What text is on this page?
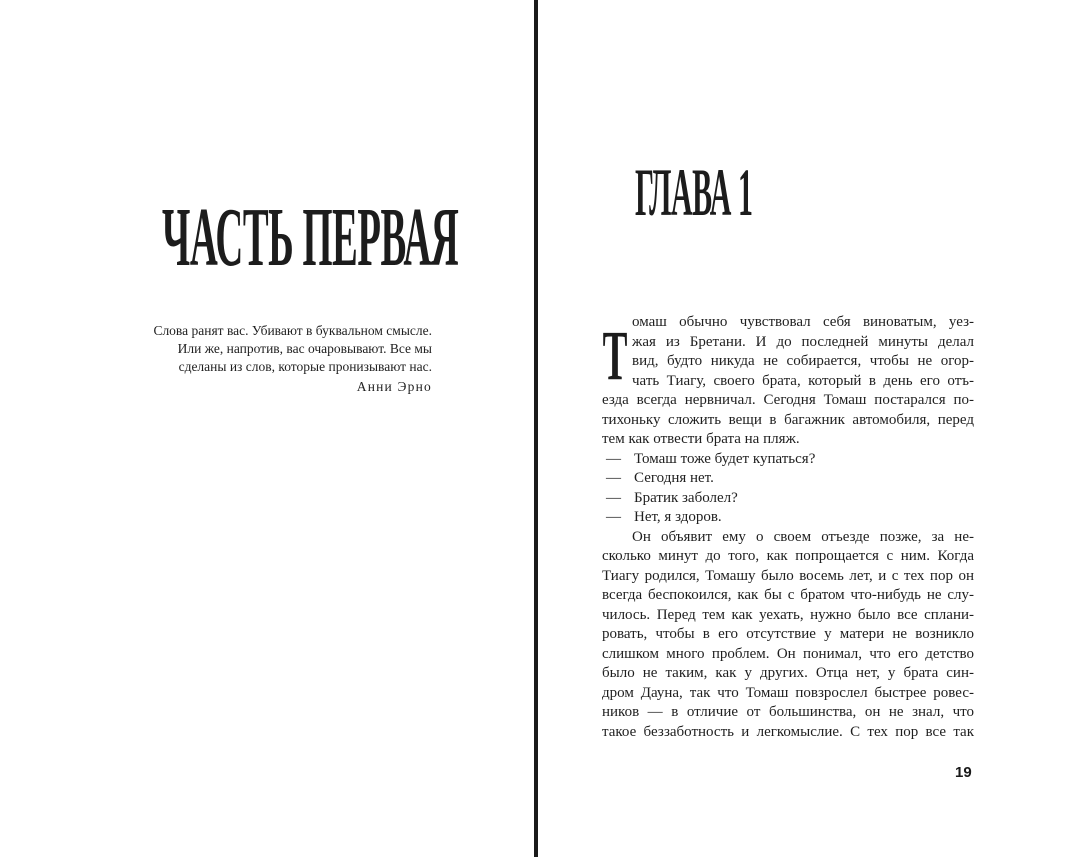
ЧАСТЬ ПЕРВАЯ
Слова ранят вас. Убивают в буквальном смысле.
Или же, напротив, вас очаровывают. Все мы
сделаны из слов, которые пронизывают нас.
Анни Эрно
ГЛАВА 1
Т омаш обычно чувствовал себя виноватым, уез-
жая из Бретани. И до последней минуты делал
вид, будто никуда не собирается, чтобы не огор-
чать Тиагу, своего брата, который в день его отъ-
езда всегда нервничал. Сегодня Томаш постарался по-
тихоньку сложить вещи в багажник автомобиля, перед
тем как отвести брата на пляж.
— Томаш тоже будет купаться?
— Сегодня нет.
— Братик заболел?
— Нет, я здоров.
Он объявит ему о своем отъезде позже, за не-
сколько минут до того, как попрощается с ним. Когда
Тиагу родился, Томашу было восемь лет, и с тех пор он
всегда беспокоился, как бы с братом что-нибудь не слу-
чилось. Перед тем как уехать, нужно было все сплани-
ровать, чтобы в его отсутствие у матери не возникло
слишком много проблем. Он понимал, что его детство
было не таким, как у других. Отца нет, у брата син-
дром Дауна, так что Томаш повзрослел быстрее ровес-
ников — в отличие от большинства, он не знал, что
такое беззаботность и легкомыслие. С тех пор все так
19
